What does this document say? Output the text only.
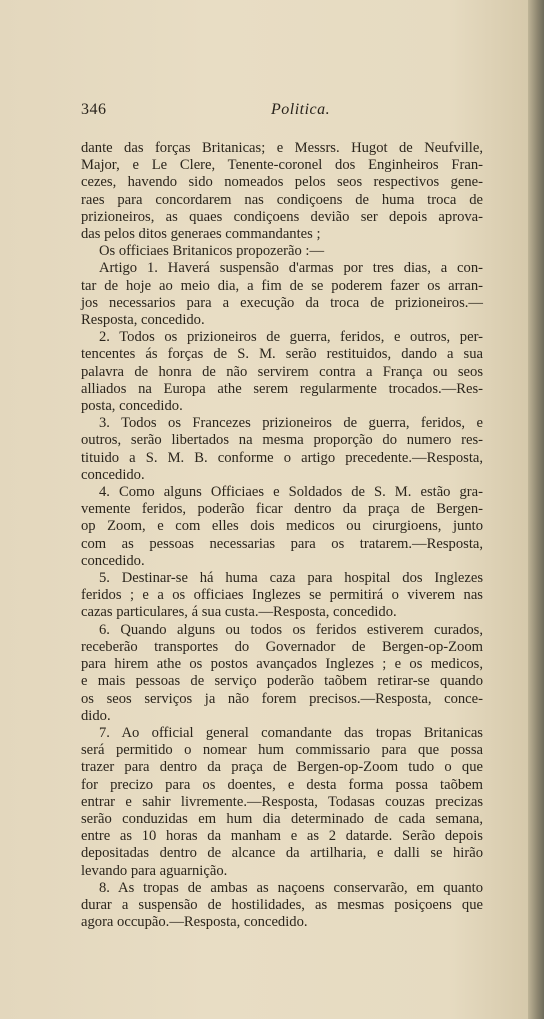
346	Politica.
dante das forças Britanicas; e Messrs. Hugot de Neufville,
Major, e Le Clere, Tenente-coronel dos Enginheiros Fran-
cezes, havendo sido nomeados pelos seos respectivos gene-
raes para concordarem nas condiçoens de huma troca de
prizioneiros, as quaes condiçoens devião ser depois aprova-
das pelos ditos generaes commandantes ;
Os officiaes Britanicos propozerão :—
Artigo 1. Haverá suspensão d'armas por tres dias, a con-
tar de hoje ao meio dia, a fim de se poderem fazer os arran-
jos necessarios para a execução da troca de prizioneiros.—
Resposta, concedido.
2. Todos os prizioneiros de guerra, feridos, e outros, per-
tencentes ás forças de S. M. serão restituidos, dando a sua
palavra de honra de não servirem contra a França ou seos
alliados na Europa athe serem regularmente trocados.—Res-
posta, concedido.
3. Todos os Francezes prizioneiros de guerra, feridos, e
outros, serão libertados na mesma proporção do numero res-
tituido a S. M. B. conforme o artigo precedente.—Resposta,
concedido.
4. Como alguns Officiaes e Soldados de S. M. estão gra-
vemente feridos, poderão ficar dentro da praça de Bergen-
op Zoom, e com elles dois medicos ou cirurgioens, junto
com as pessoas necessarias para os tratarem.—Resposta,
concedido.
5. Destinar-se há huma caza para hospital dos Inglezes
feridos ; e a os officiaes Inglezes se permitirá o viverem nas
cazas particulares, á sua custa.—Resposta, concedido.
6. Quando alguns ou todos os feridos estiverem curados,
receberão transportes do Governador de Bergen-op-Zoom
para hirem athe os postos avançados Inglezes ; e os medicos,
e mais pessoas de serviço poderão taõbem retirar-se quando
os seos serviços ja não forem precisos.—Resposta, conce-
dido.
7. Ao official general comandante das tropas Britanicas
será permitido o nomear hum commissario para que possa
trazer para dentro da praça de Bergen-op-Zoom tudo o que
for precizo para os doentes, e desta forma possa taõbem
entrar e sahir livremente.—Resposta, Todasas couzas precizas
serão conduzidas em hum dia determinado de cada semana,
entre as 10 horas da manham e as 2 datarde. Serão depois
depositadas dentro de alcance da artilharia, e dalli se hirão
levando para aguarnição.
8. As tropas de ambas as naçoens conservarão, em quanto
durar a suspensão de hostilidades, as mesmas posiçoens que
agora occupão.—Resposta, concedido.
